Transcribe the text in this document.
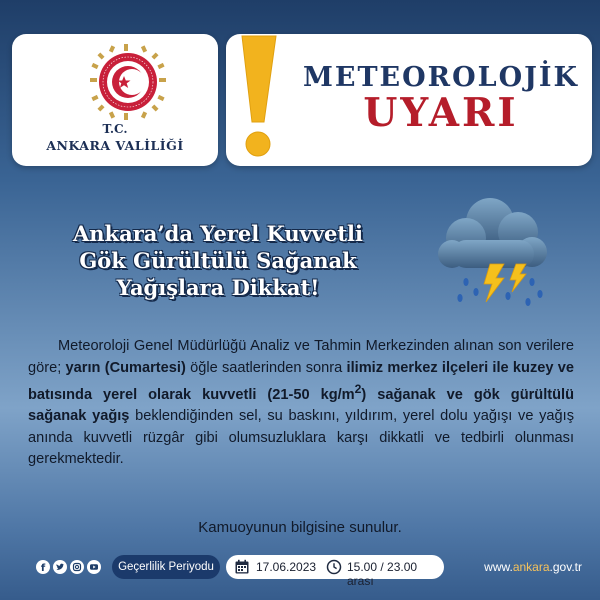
T.C.
ANKARA VALİLİĞİ
METEOROLOJİK
UYARI
Ankara’da Yerel Kuvvetli
Gök Gürültülü Sağanak
Yağışlara Dikkat!

Meteoroloji Genel Müdürlüğü Analiz ve Tahmin Merkezinden alınan son verilere göre; yarın (Cumartesi) öğle saatlerinden sonra ilimiz merkez ilçeleri ile kuzey ve batısında yerel olarak kuvvetli (21-50 $kg/m^2$) sağanak ve gök gürültülü sağanak yağış beklendiğinden sel, su baskını, yıldırım, yerel dolu yağışı ve yağış anında kuvvetli rüzgâr gibi olumsuzluklara karşı dikkatli ve tedbirli olunması gerekmektedir.

Kamuoyunun bilgisine sunulur.
f	Geçerlilik Periyodu	17.06.2023	15.00 / 23.00 arası
www.ankara.gov.tr
